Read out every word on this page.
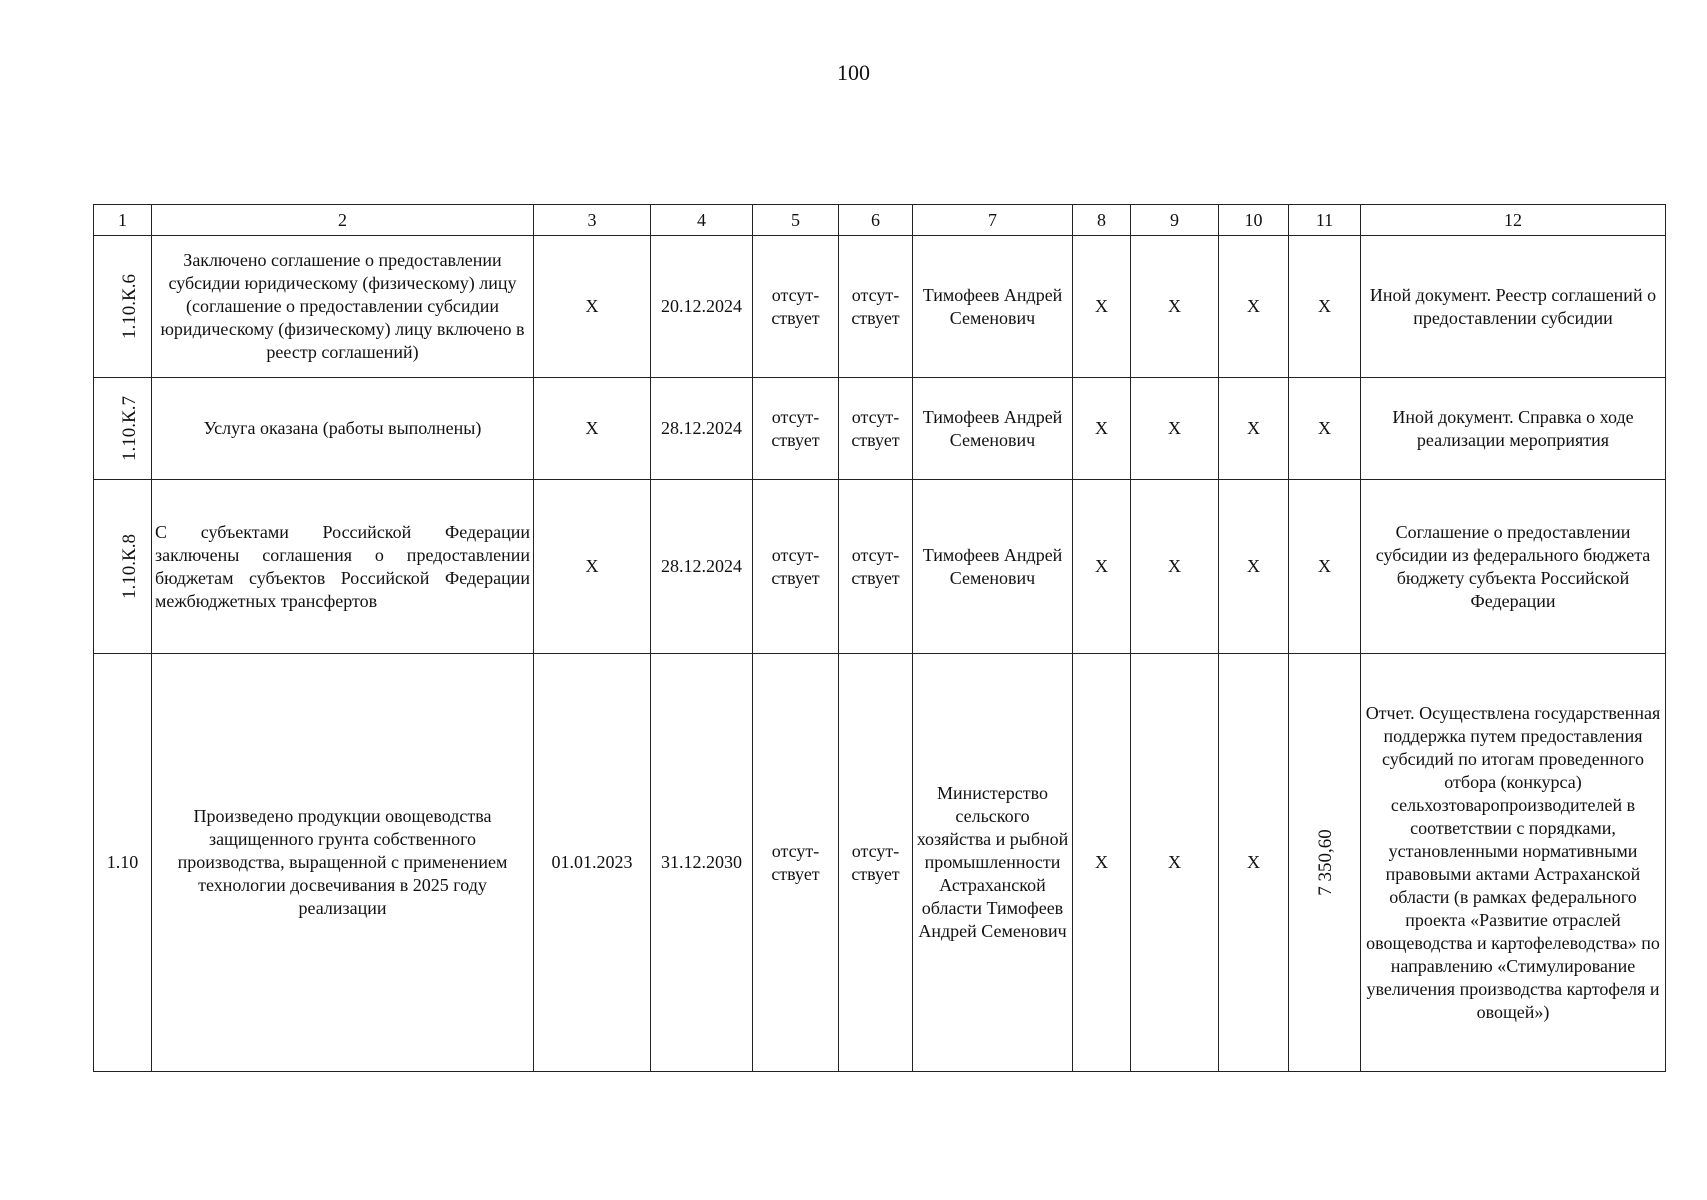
100
1	2	3	4	5	6	7	8	9	10	11	12
1.10.К.6	Заключено соглашение о предоставлении субсидии юридическому (физическому) лицу (соглашение о предоставлении субсидии юридическому (физическому) лицу включено в реестр соглашений)	X	20.12.2024	отсут-ствует	отсут-ствует	Тимофеев Андрей Семенович	X	X	X	X	Иной документ. Реестр соглашений о предоставлении субсидии
1.10.К.7	Услуга оказана (работы выполнены)	X	28.12.2024	отсут-ствует	отсут-ствует	Тимофеев Андрей Семенович	X	X	X	X	Иной документ. Справка о ходе реализации мероприятия
1.10.К.8	С субъектами Российской Федерации заключены соглашения о предоставлении бюджетам субъектов Российской Федерации межбюджетных трансфертов	X	28.12.2024	отсут-ствует	отсут-ствует	Тимофеев Андрей Семенович	X	X	X	X	Соглашение о предоставлении субсидии из федерального бюджета бюджету субъекта Российской Федерации
1.10	Произведено продукции овощеводства защищенного грунта собственного производства, выращенной с применением технологии досвечивания в 2025 году реализации	01.01.2023	31.12.2030	отсут-ствует	отсут-ствует	Министерство сельского хозяйства и рыбной промышленности Астраханской области Тимофеев Андрей Семенович	X	X	X	7 350,60	Отчет. Осуществлена государственная поддержка путем предоставления субсидий по итогам проведенного отбора (конкурса) сельхозтоваропроизводителей в соответствии с порядками, установленными нормативными правовыми актами Астраханской области (в рамках федерального проекта «Развитие отраслей овощеводства и картофелеводства» по направлению «Стимулирование увеличения производства картофеля и овощей»)
